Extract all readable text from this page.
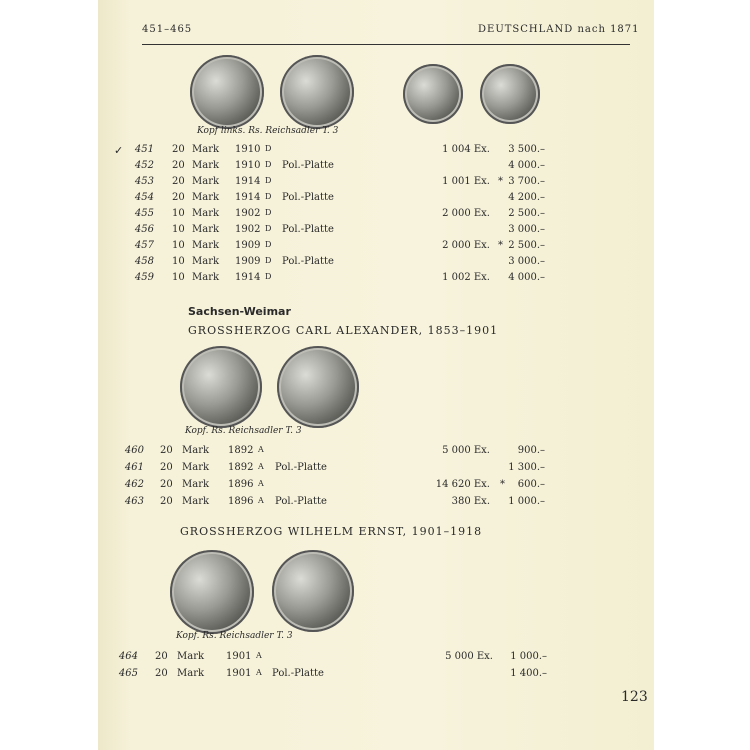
451–465	DEUTSCHLAND nach 1871
Kopf links. Rs. Reichsadler T. 3
✓	451 20 Mark 1910 D	1 004 Ex. 3 500.–
452 20 Mark 1910 D Pol.-Platte	4 000.–
453 20 Mark 1914 D	1 001 Ex. * 3 700.–
454 20 Mark 1914 D Pol.-Platte	4 200.–
455 10 Mark 1902 D	2 000 Ex. 2 500.–
456 10 Mark 1902 D Pol.-Platte	3 000.–
457 10 Mark 1909 D	2 000 Ex. * 2 500.–
458 10 Mark 1909 D Pol.-Platte	3 000.–
459 10 Mark 1914 D	1 002 Ex. 4 000.–
Sachsen-Weimar
GROSSHERZOG CARL ALEXANDER, 1853–1901
Kopf. Rs. Reichsadler T. 3
460 20 Mark 1892 A	5 000 Ex.	900.–
461 20 Mark 1892 A Pol.-Platte	1 300.–
462 20 Mark 1896 A	14 620 Ex. * 600.–
463 20 Mark 1896 A Pol.-Platte	380 Ex. 1 000.–
GROSSHERZOG WILHELM ERNST, 1901–1918
Kopf. Rs. Reichsadler T. 3
464 20 Mark 1901 A	5 000 Ex. 1 000.–
465 20 Mark 1901 A Pol.-Platte	1 400.–
123
